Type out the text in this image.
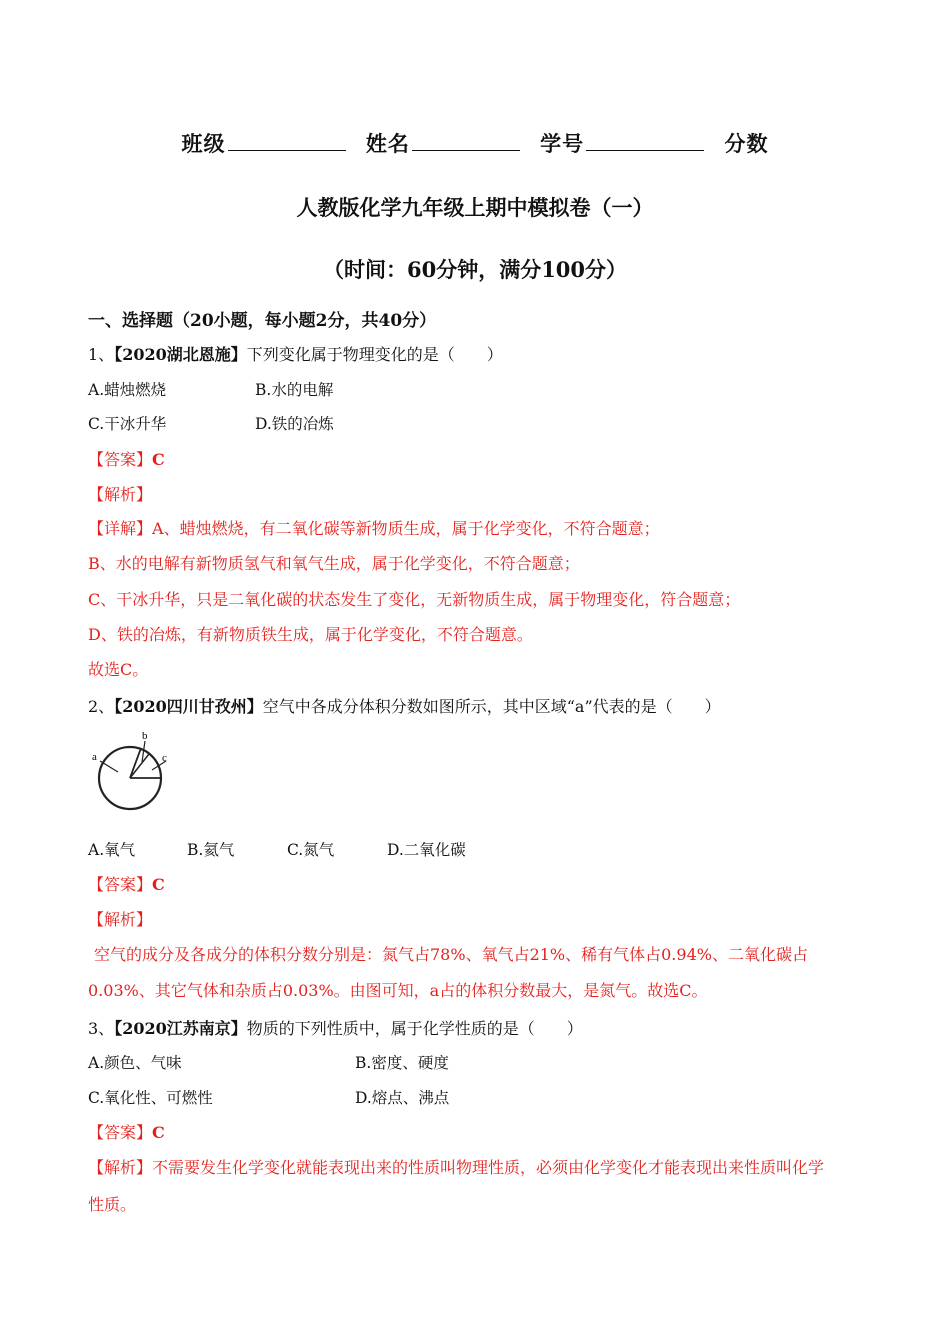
班级	姓名	学号	分数
人教版化学九年级上期中模拟卷（一）
（时间：60分钟，满分100分）
一、选择题（20小题，每小题2分，共40分）
1、【2020湖北恩施】下列变化属于物理变化的是（　　）
A.蜡烛燃烧	B.水的电解
C.干冰升华	D.铁的冶炼
【答案】C
【解析】
【详解】A、蜡烛燃烧，有二氧化碳等新物质生成，属于化学变化，不符合题意；
B、水的电解有新物质氢气和氧气生成，属于化学变化，不符合题意；
C、干冰升华，只是二氧化碳的状态发生了变化，无新物质生成，属于物理变化，符合题意；
D、铁的冶炼，有新物质铁生成，属于化学变化，不符合题意。
故选C。
2、【2020四川甘孜州】空气中各成分体积分数如图所示，其中区域“a”代表的是（　　）
a
b
c
A.氧气	B.氦气	C.氮气	D.二氧化碳
【答案】C
【解析】
空气的成分及各成分的体积分数分别是：氮气占78%、氧气占21%、稀有气体占0.94%、二氧化碳占
0.03%、其它气体和杂质占0.03%。由图可知，a占的体积分数最大，是氮气。故选C。
3、【2020江苏南京】物质的下列性质中，属于化学性质的是（　　）
A.颜色、气味	B.密度、硬度
C.氧化性、可燃性	D.熔点、沸点
【答案】C
【解析】不需要发生化学变化就能表现出来的性质叫物理性质，必须由化学变化才能表现出来性质叫化学
性质。
